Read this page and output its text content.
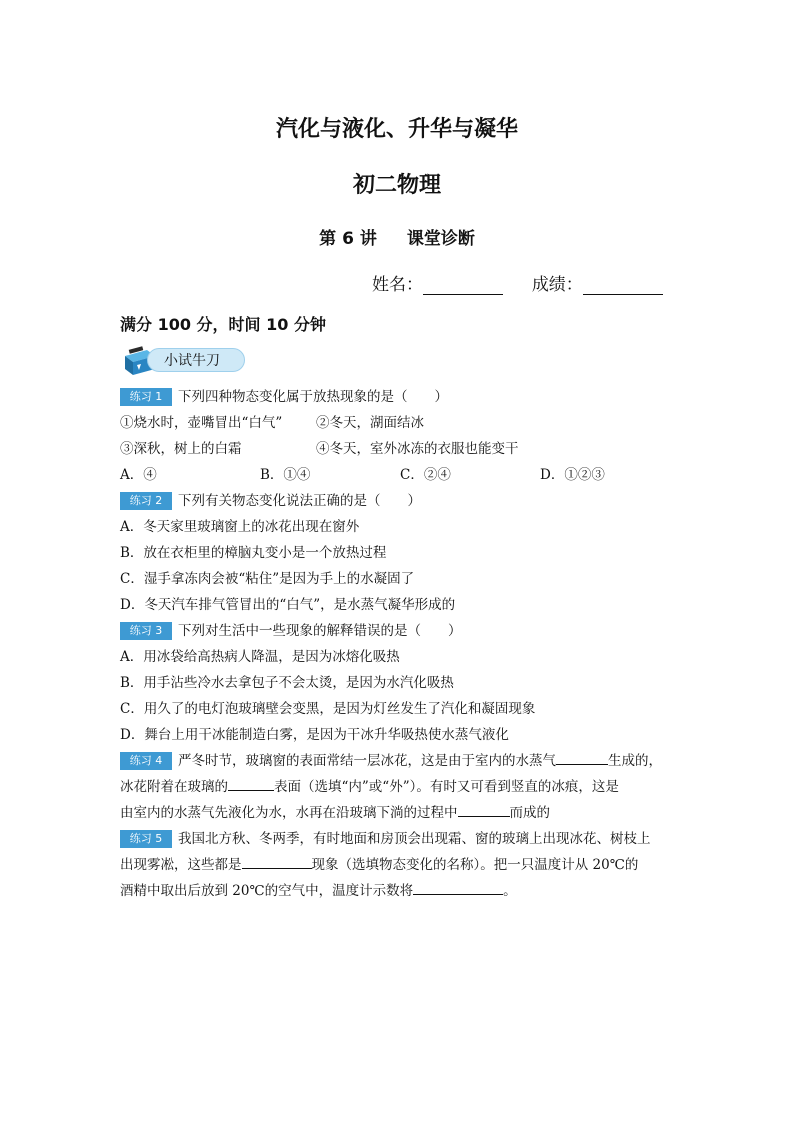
汽化与液化、升华与凝华
初二物理
第 6 讲 课堂诊断
姓名：	成绩：
满分 100 分，时间 10 分钟
小试牛刀
练习 1 下列四种物态变化属于放热现象的是（　　）
①烧水时，壶嘴冒出“白气” ②冬天，湖面结冰
③深秋，树上的白霜	④冬天，室外冰冻的衣服也能变干
A．④	B．①④	C．②④	D．①②③
练习 2 下列有关物态变化说法正确的是（　　）
A．冬天家里玻璃窗上的冰花出现在窗外
B．放在衣柜里的樟脑丸变小是一个放热过程
C．湿手拿冻肉会被“粘住”是因为手上的水凝固了
D．冬天汽车排气管冒出的“白气”，是水蒸气凝华形成的
练习 3 下列对生活中一些现象的解释错误的是（　　）
A．用冰袋给高热病人降温，是因为冰熔化吸热
B．用手沾些冷水去拿包子不会太烫，是因为水汽化吸热
C．用久了的电灯泡玻璃壁会变黑，是因为灯丝发生了汽化和凝固现象
D．舞台上用干冰能制造白雾，是因为干冰升华吸热使水蒸气液化
练习 4 严冬时节，玻璃窗的表面常结一层冰花，这是由于室内的水蒸气	生成的，
冰花附着在玻璃的	表面（选填“内”或“外”）。有时又可看到竖直的冰痕，这是
由室内的水蒸气先液化为水，水再在沿玻璃下淌的过程中	而成的
练习 5 我国北方秋、冬两季，有时地面和房顶会出现霜、窗的玻璃上出现冰花、树枝上
出现雾凇，这些都是	现象（选填物态变化的名称）。把一只温度计从 20℃的
酒精中取出后放到 20℃的空气中，温度计示数将	。
